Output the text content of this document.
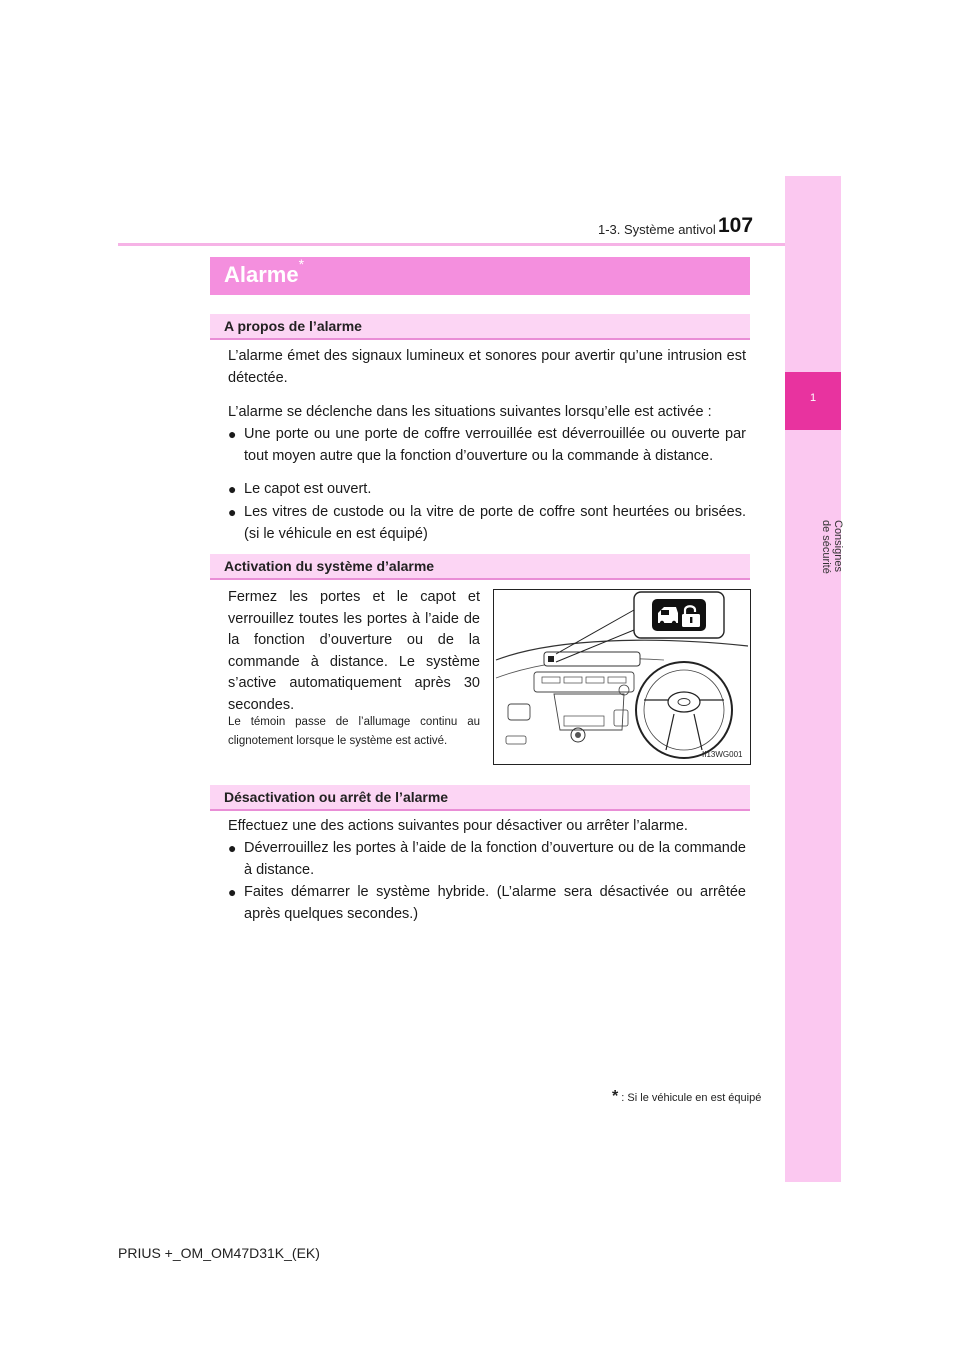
1
Consignes de sécurité
1-3. Système antivol 107
Alarme*
A propos de l’alarme
L’alarme émet des signaux lumineux et sonores pour avertir qu’une intrusion est détectée.
L’alarme se déclenche dans les situations suivantes lorsqu’elle est activée :
● Une porte ou une porte de coffre verrouillée est déverrouillée ou ouverte par tout moyen autre que la fonction d’ouverture ou la commande à distance.
● Le capot est ouvert.
● Les vitres de custode ou la vitre de porte de coffre sont heurtées ou brisées. (si le véhicule en est équipé)
Activation du système d’alarme
Fermez les portes et le capot et verrouillez toutes les portes à l’aide de la fonction d’ouverture ou de la commande à distance. Le système s’active automatiquement après 30 secondes.
Le témoin passe de l’allumage continu au clignotement lorsque le système est activé.
II13WG001
Désactivation ou arrêt de l’alarme
Effectuez une des actions suivantes pour désactiver ou arrêter l’alarme.
● Déverrouillez les portes à l’aide de la fonction d’ouverture ou de la commande à distance.
● Faites démarrer le système hybride. (L’alarme sera désactivée ou arrêtée après quelques secondes.)
* : Si le véhicule en est équipé
PRIUS +_OM_OM47D31K_(EK)
